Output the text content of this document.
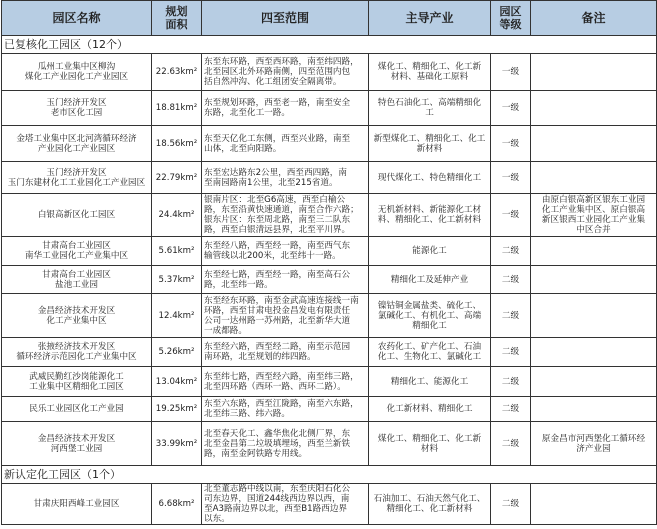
园区名称	规划
面积	四至范围	主导产业	园区
等级	备注
已复核化工园区（12个）					

瓜州工业集中区柳沟
煤化工产业园化工产业园区	22.63km²	东至东环路，西至西环路，南至纬四路，
北至园区北外环路南侧，四至范围内包
括自然冲沟、化工组团安全隔离带。	煤化工、精细化工、化工新
材料、基础化工原料	一级	

玉门经济开发区
老市区化工园	18.81km²	东至规划环路，西至老一路，南至安全
东路，北至化工一路。	特色石油化工、高端精细化
工	一级	

金塔工业集中区北河湾循环经济
产业园化工产业园区	18.56km²	东至天亿化工东侧，西至兴业路，南至
山体，北至向阳路。	新型煤化工、精细化工、化工
新材料	一级	

玉门经济开发区
玉门东建材化工工业园化工产业园区	22.79km²	东至宏达路东2公里，西至西四路，南
至南园路南1公里，北至215省道。	现代煤化工、特色精细化工	一级	

白银高新区化工园区	24.4km²	银南片区：北至G6高速，西至白榆公
路，东至沿黄快速通道，南至合作六路；
银东片区：东至周北路，南至三二队东
路，西至白银清远县界，北至平川界。	无机新材料、新能源化工材
料、精细化工、化工新材料	一级	由原白银高新区银东工业园
化工产业集中区、原白银高
新区银西工业园化工产业集
中区合并

甘肃高台工业园区
南华工业园化工产业集中区	5.61km²	东至经八路，西至经一路，南至西气东
输管线以北200米，北至纬十一路。	能源化工	二级	

甘肃高台工业园区
盐池工业园	5.37km²	东至经七路，西至经一路，南至高石公
路，北至纬一路。	精细化工及延伸产业	二级	

金昌经济技术开发区
化工产业集中区	12.4km²	东至经东环路，南至金武高速连接线一南
环路，西至甘肃电投金昌发电有限责任
公司一达州路一苏州路，北至新华大道
一成都路。	镍钴铜金属盐类、硫化工、
氯碱化工、有机化工、高端
精细化工	二级	

张掖经济技术开发区
循环经济示范园化工产业集中区	5.26km²	东至经六路，西至经二路，南至示范园
南环路，北至规划的纬四路。	农药化工、矿产化工、石油
化工、生物化工、氯碱化工	二级	

武威民勤红沙岗能源化工
工业集中区精细化工园区	13.04km²	东至纬七路，西至经六路，南至纬三路，
北至四环路（西环一路、西环二路）。	精细化工、能源化工	二级	

民乐工业园区化工产业园	19.25km²	东至六东路，西至江陇路，南至六东路，
北至纬三路、纬六路。	化工新材料、精细化工	二级	

金昌经济技术开发区
河西堡工业园	33.99km²	北至春天化工、鑫华焦化北侧厂界，东
北至金昌第二垃圾填埋场，西至兰新铁
路，南至金阿铁路专用线。	煤化工、精细化工、化工新
材料	二级	原金昌市河西堡化工循环经
济产业园

新认定化工园区（1个）					

甘肃庆阳西峰工业园区	6.68km²	北至董志路中线以南，东至庆阳石化公
司东边界，国道244线西边界以西，南
至A3路南边界以北，西至B1路西边界
以东。	石油加工、石油天然气化工、
精细化工、化工新材料	二级	
